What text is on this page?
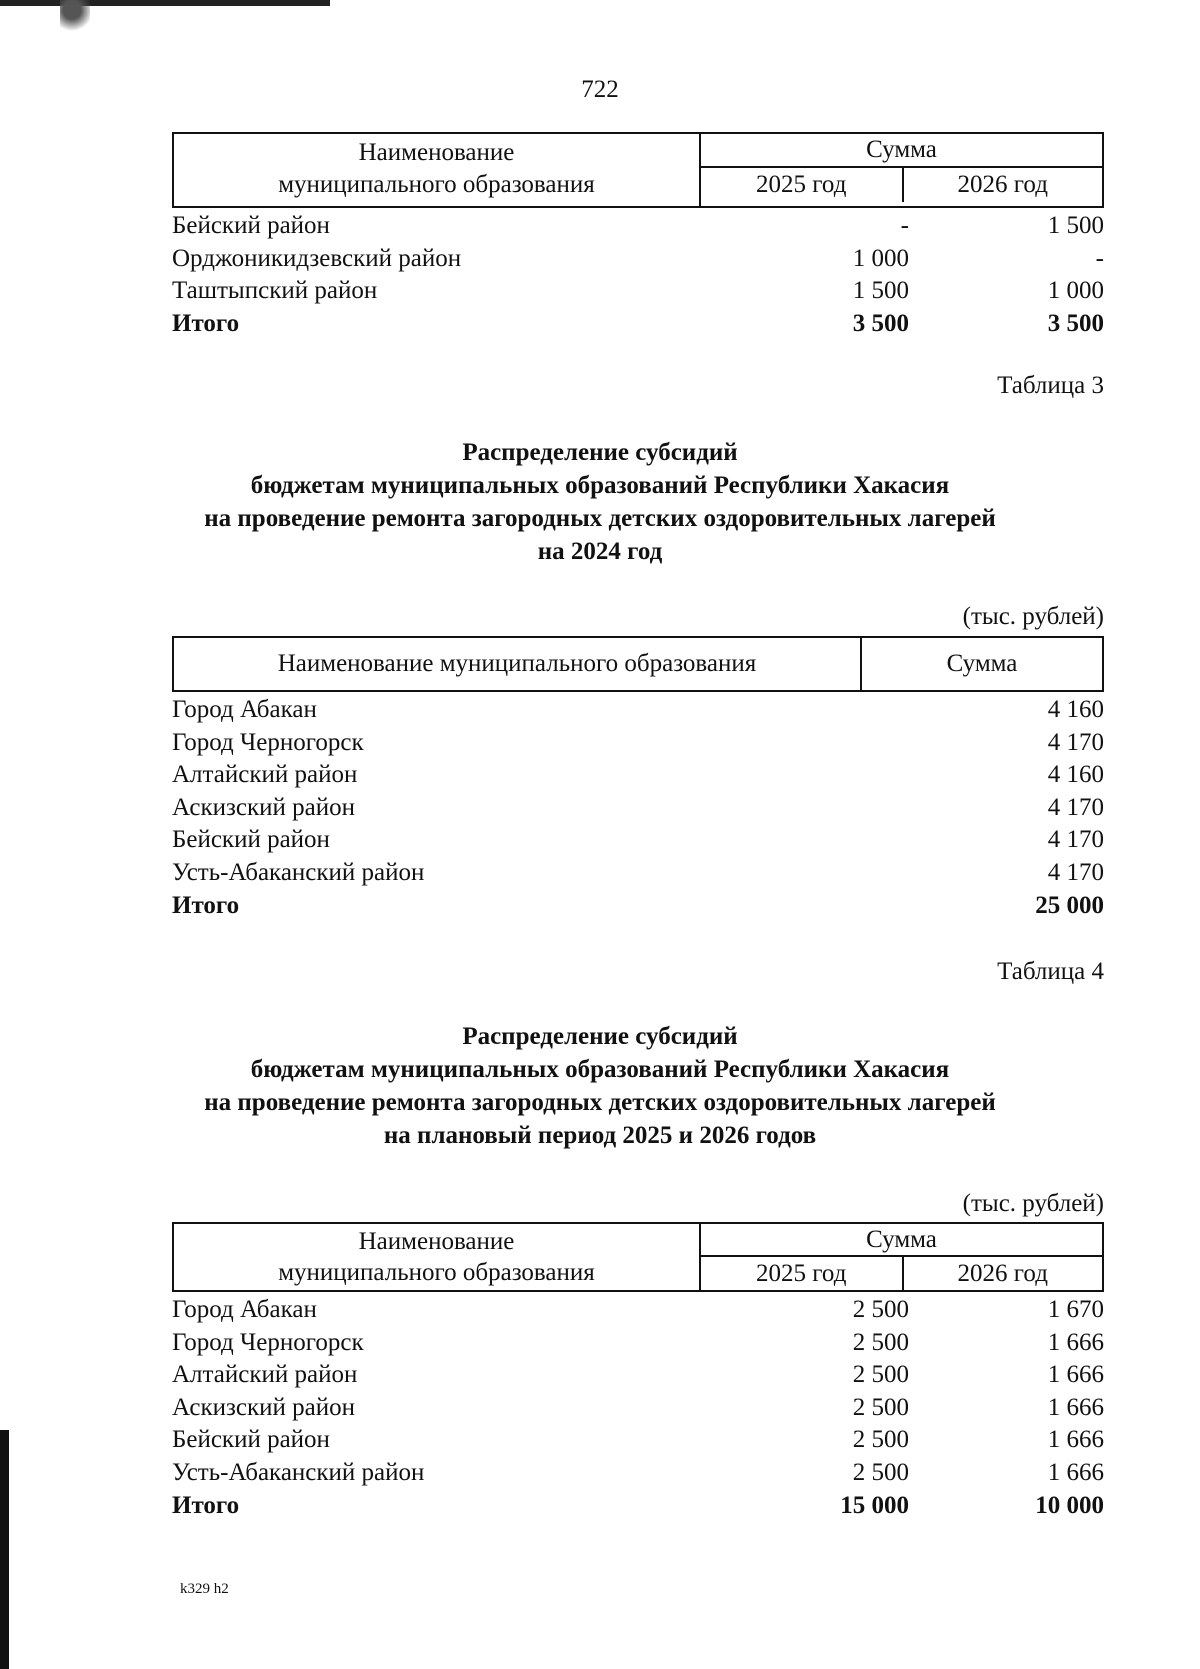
722
Наименование
муниципального образования
Сумма
2025 год	2026 год
Бейский район	-	1 500
Орджоникидзевский район	1 000	-
Таштыпский район	1 500	1 000
Итого	3 500	3 500
Таблица 3
Распределение субсидий
бюджетам муниципальных образований Республики Хакасия
на проведение ремонта загородных детских оздоровительных лагерей
на 2024 год
(тыс. рублей)
Наименование муниципального образования	Сумма
Город Абакан	4 160
Город Черногорск	4 170
Алтайский район	4 160
Аскизский район	4 170
Бейский район	4 170
Усть-Абаканский район	4 170
Итого	25 000
Таблица 4
Распределение субсидий
бюджетам муниципальных образований Республики Хакасия
на проведение ремонта загородных детских оздоровительных лагерей
на плановый период 2025 и 2026 годов
(тыс. рублей)
Наименование
муниципального образования
Сумма
2025 год	2026 год
Город Абакан	2 500	1 670
Город Черногорск	2 500	1 666
Алтайский район	2 500	1 666
Аскизский район	2 500	1 666
Бейский район	2 500	1 666
Усть-Абаканский район	2 500	1 666
Итого	15 000	10 000
k329 h2
